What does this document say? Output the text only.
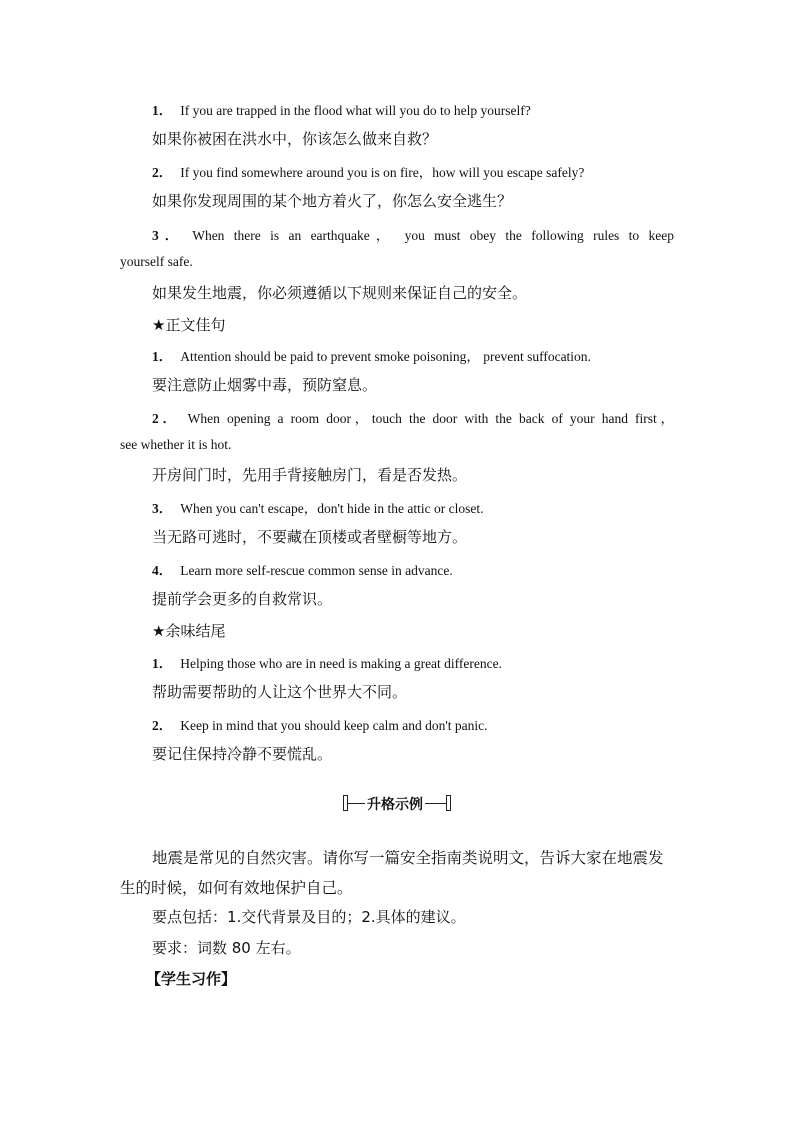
1． If you are trapped in the flood what will you do to help yourself?
如果你被困在洪水中，你该怎么做来自救？
2． If you find somewhere around you is on fire，how will you escape safely?
如果你发现周围的某个地方着火了，你怎么安全逃生？
3． When there is an earthquake， you must obey the following rules to keep
yourself safe.
如果发生地震，你必须遵循以下规则来保证自己的安全。
★正文佳句
1． Attention should be paid to prevent smoke poisoning， prevent suffocation.
要注意防止烟雾中毒，预防窒息。
2． When opening a room door，touch the door with the back of your hand first，
see whether it is hot.
开房间门时，先用手背接触房门，看是否发热。
3． When you can't escape，don't hide in the attic or closet.
当无路可逃时，不要藏在顶楼或者壁橱等地方。
4． Learn more self-rescue common sense in advance.
提前学会更多的自救常识。
★余味结尾
1． Helping those who are in need is making a great difference.
帮助需要帮助的人让这个世界大不同。
2． Keep in mind that you should keep calm and don't panic.
要记住保持冷静不要慌乱。
升格示例
地震是常见的自然灾害。请你写一篇安全指南类说明文，告诉大家在地震发
生的时候，如何有效地保护自己。
要点包括：1.交代背景及目的；2.具体的建议。
要求：词数 80 左右。
【学生习作】
